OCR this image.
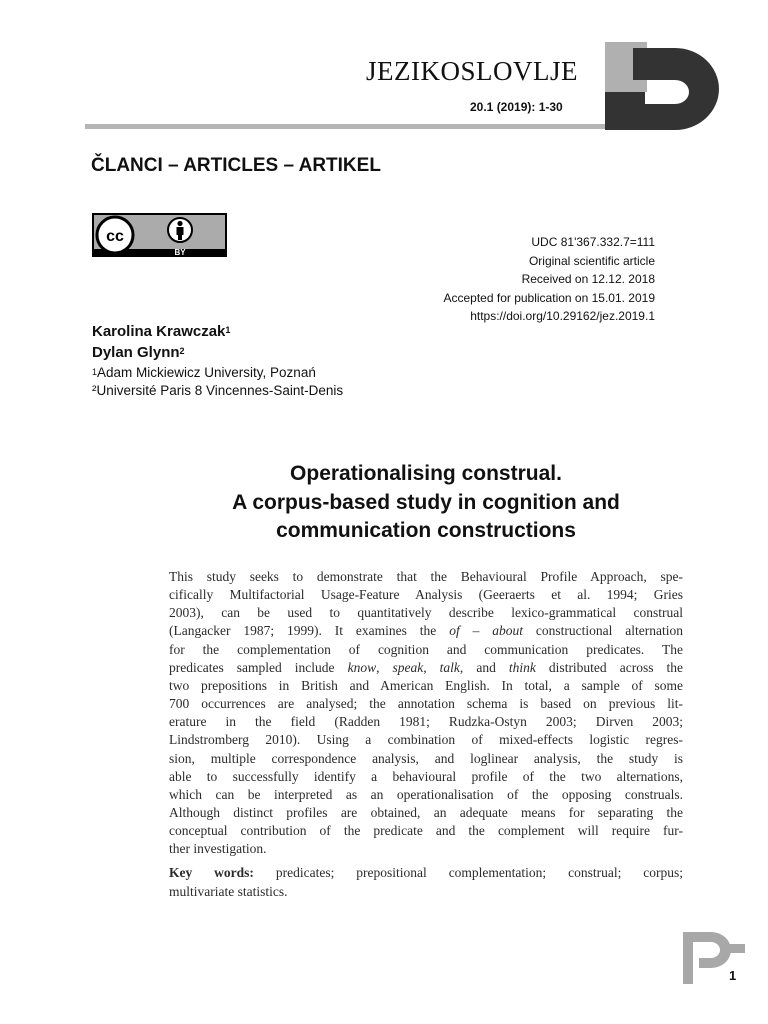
JEZIKOSLOVLJE
20.1 (2019): 1-30
ČLANCI – ARTICLES – ARTIKEL
cc
BY
UDC 81'367.332.7=111
Original scientific article
Received on 12.12. 2018
Accepted for publication on 15.01. 2019
https://doi.org/10.29162/jez.2019.1
Karolina Krawczak$^1$
Dylan Glynn$^2$
$^1$Adam Mickiewicz University, Poznań
²Université Paris 8 Vincennes-Saint-Denis
Operationalising construal.
A corpus-based study in cognition and
communication constructions
This study seeks to demonstrate that the Behavioural Profile Approach, spe-
cifically Multifactorial Usage-Feature Analysis (Geeraerts et al. 1994; Gries
2003), can be used to quantitatively describe lexico-grammatical construal
(Langacker 1987; 1999). It examines the of – about constructional alternation
for the complementation of cognition and communication predicates. The
predicates sampled include know, speak, talk, and think distributed across the
two prepositions in British and American English. In total, a sample of some
700 occurrences are analysed; the annotation schema is based on previous lit-
erature in the field (Radden 1981; Rudzka-Ostyn 2003; Dirven 2003;
Lindstromberg 2010). Using a combination of mixed-effects logistic regres-
sion, multiple correspondence analysis, and loglinear analysis, the study is
able to successfully identify a behavioural profile of the two alternations,
which can be interpreted as an operationalisation of the opposing construals.
Although distinct profiles are obtained, an adequate means for separating the
conceptual contribution of the predicate and the complement will require fur-
ther investigation.
Key words: predicates; prepositional complementation; construal; corpus;
multivariate statistics.
1
